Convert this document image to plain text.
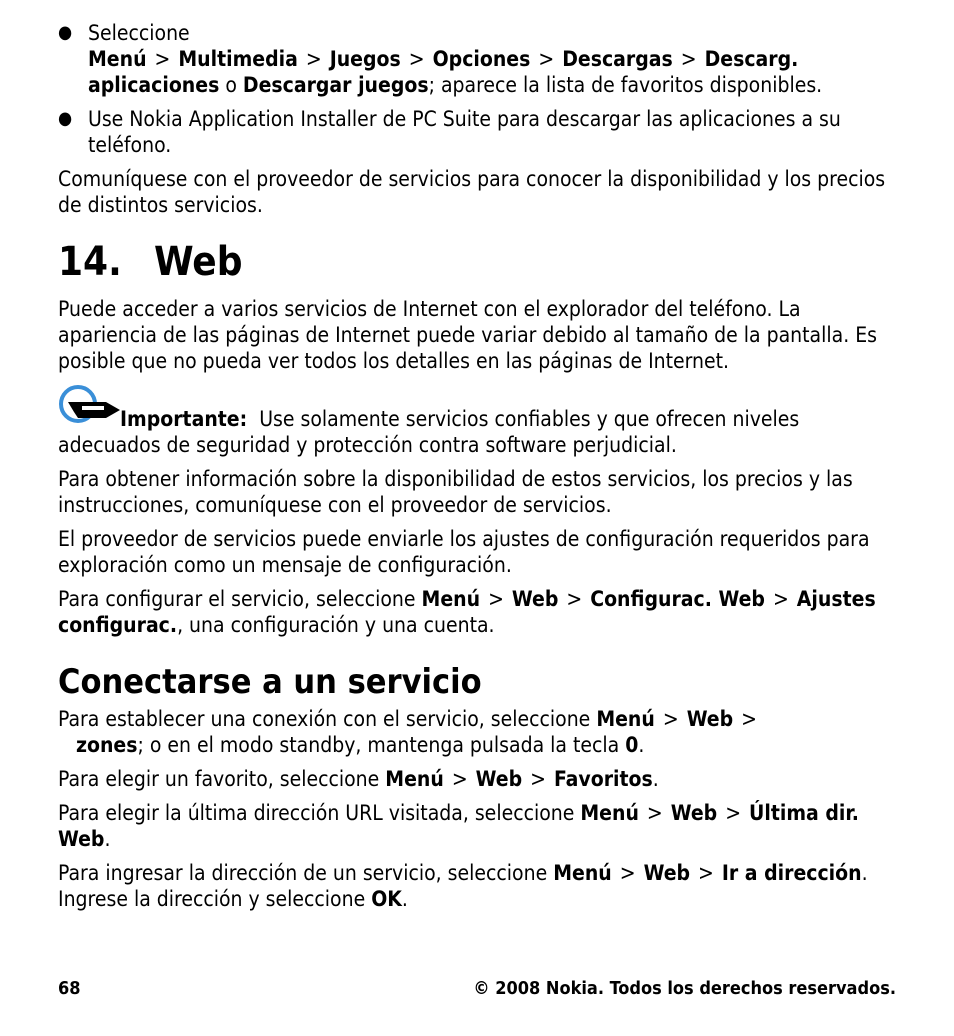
● Seleccione Menú > Multimedia > Juegos > Opciones > Descargas > Descarg. aplicaciones o Descargar juegos; aparece la lista de favoritos disponibles.
● Use Nokia Application Installer de PC Suite para descargar las aplicaciones a su teléfono.

Comuníquese con el proveedor de servicios para conocer la disponibilidad y los precios de distintos servicios.

14. Web

Puede acceder a varios servicios de Internet con el explorador del teléfono. La apariencia de las páginas de Internet puede variar debido al tamaño de la pantalla. Es posible que no pueda ver todos los detalles en las páginas de Internet.

Importante: Use solamente servicios confiables y que ofrecen niveles adecuados de seguridad y protección contra software perjudicial.

Para obtener información sobre la disponibilidad de estos servicios, los precios y las instrucciones, comuníquese con el proveedor de servicios.

El proveedor de servicios puede enviarle los ajustes de configuración requeridos para exploración como un mensaje de configuración.

Para configurar el servicio, seleccione Menú > Web > Configurac. Web > Ajustes configurac., una configuración y una cuenta.

Conectarse a un servicio

Para establecer una conexión con el servicio, seleccione Menú > Web >
zones; o en el modo standby, mantenga pulsada la tecla 0.

Para elegir un favorito, seleccione Menú > Web > Favoritos.

Para elegir la última dirección URL visitada, seleccione Menú > Web > Última dir. Web.

Para ingresar la dirección de un servicio, seleccione Menú > Web > Ir a dirección. Ingrese la dirección y seleccione OK.

68	© 2008 Nokia. Todos los derechos reservados.
